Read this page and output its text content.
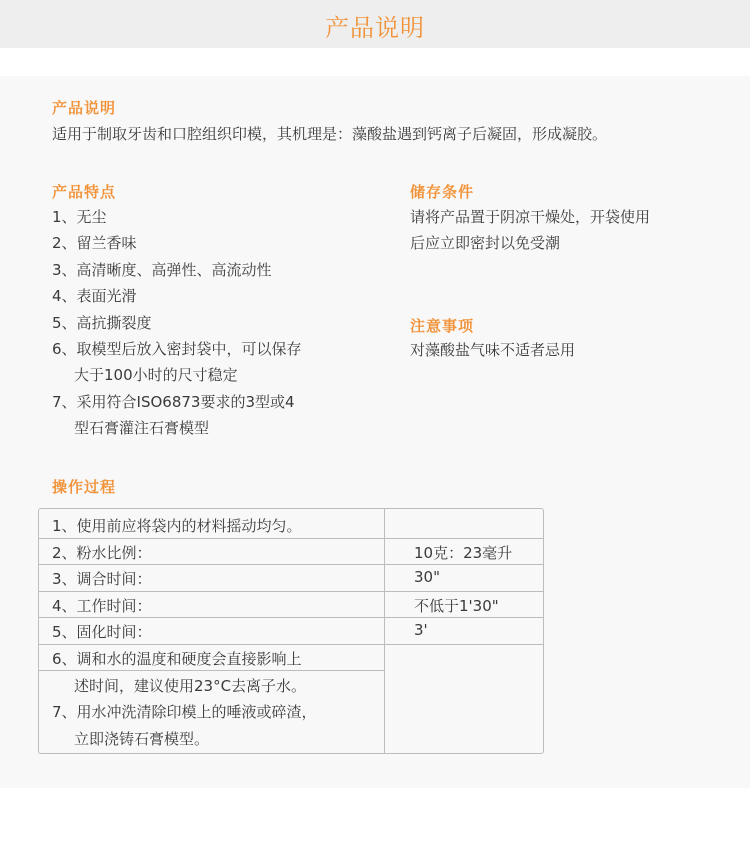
产品说明
产品说明
适用于制取牙齿和口腔组织印模，其机理是：藻酸盐遇到钙离子后凝固，形成凝胶。
产品特点
1、无尘
2、留兰香味
3、高清晰度、高弹性、高流动性
4、表面光滑
5、高抗撕裂度
6、取模型后放入密封袋中，可以保存
大于100小时的尺寸稳定
7、采用符合ISO6873要求的3型或4
型石膏灌注石膏模型
储存条件
请将产品置于阴凉干燥处，开袋使用
后应立即密封以免受潮
注意事项
对藻酸盐气味不适者忌用
操作过程
1、使用前应将袋内的材料摇动均匀。
2、粉水比例：	10克：23毫升
3、调合时间：	30"
4、工作时间：	不低于1'30"
5、固化时间：	3'
6、调和水的温度和硬度会直接影响上
述时间，建议使用23°C去离子水。
7、用水冲洗清除印模上的唾液或碎渣，
立即浇铸石膏模型。
